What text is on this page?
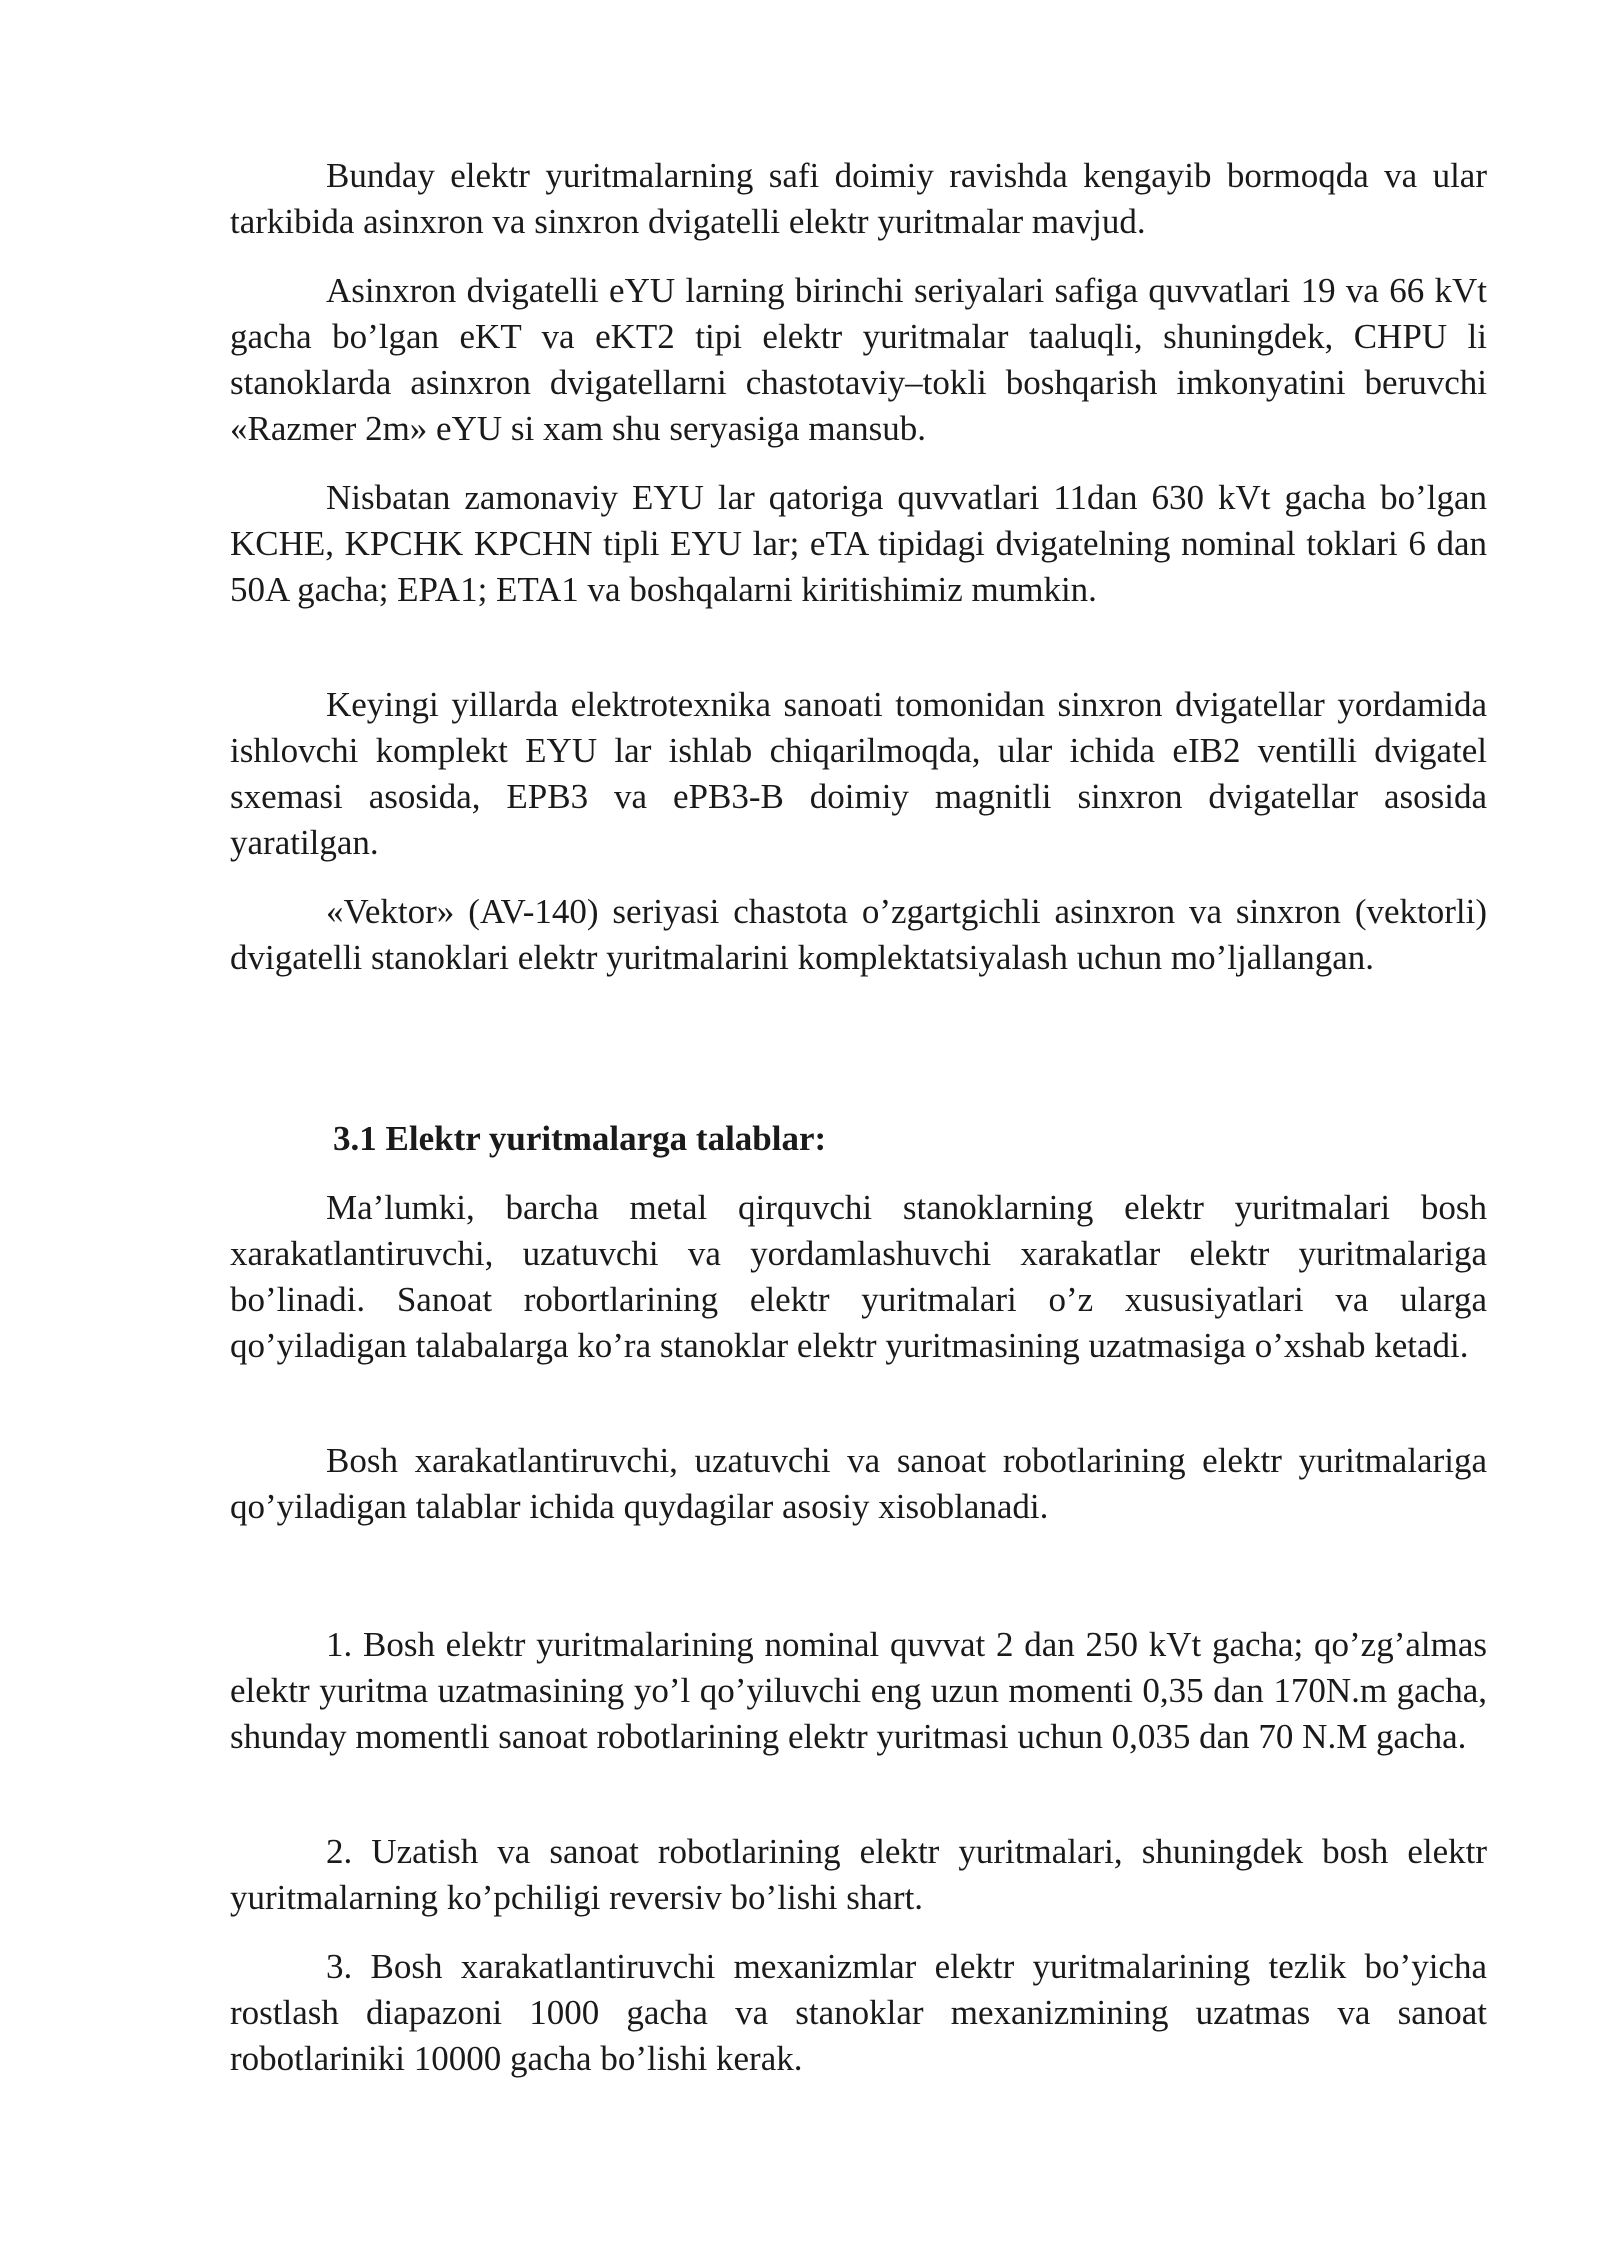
Bunday elektr yuritmalarning safi doimiy ravishda kengayib bormoqda va ular tarkibida asinxron va sinxron dvigatelli elektr yuritmalar mavjud.

Asinxron dvigatelli eYU larning birinchi seriyalari safiga quvvatlari 19 va 66 kVt gacha bo’lgan eKT va eKT2 tipi elektr yuritmalar taaluqli, shuningdek, CHPU li stanoklarda asinxron dvigatellarni chastotaviy–tokli boshqarish imkonyatini beruvchi «Razmer 2m» eYU si xam shu seryasiga mansub.

Nisbatan zamonaviy EYU lar qatoriga quvvatlari 11dan 630 kVt gacha bo’lgan KCHE, KPCHK KPCHN tipli EYU lar; eTA tipidagi dvigatelning nominal toklari 6 dan 50A gacha; EPA1; ETA1 va boshqalarni kiritishimiz mumkin.

Keyingi yillarda elektrotexnika sanoati tomonidan sinxron dvigatellar yordamida ishlovchi komplekt EYU lar ishlab chiqarilmoqda, ular ichida eIB2 ventilli dvigatel sxemasi asosida, EPB3 va ePB3-B doimiy magnitli sinxron dvigatellar asosida yaratilgan.

«Vektor» (AV-140) seriyasi chastota o’zgartgichli asinxron va sinxron (vektorli) dvigatelli stanoklari elektr yuritmalarini komplektatsiyalash uchun mo’ljallangan.

3.1 Elektr yuritmalarga talablar:

Ma’lumki, barcha metal qirquvchi stanoklarning elektr yuritmalari bosh xarakatlantiruvchi, uzatuvchi va yordamlashuvchi xarakatlar elektr yuritmalariga bo’linadi. Sanoat robortlarining elektr yuritmalari o’z xususiyatlari va ularga qo’yiladigan talabalarga ko’ra stanoklar elektr yuritmasining uzatmasiga o’xshab ketadi.

Bosh xarakatlantiruvchi, uzatuvchi va sanoat robotlarining elektr yuritmalariga qo’yiladigan talablar ichida quydagilar asosiy xisoblanadi.

1. Bosh elektr yuritmalarining nominal quvvat 2 dan 250 kVt gacha; qo’zg’almas elektr yuritma uzatmasining yo’l qo’yiluvchi eng uzun momenti 0,35 dan 170N.m gacha, shunday momentli sanoat robotlarining elektr yuritmasi uchun 0,035 dan 70 N.M gacha.

2. Uzatish va sanoat robotlarining elektr yuritmalari, shuningdek bosh elektr yuritmalarning ko’pchiligi reversiv bo’lishi shart.

3. Bosh xarakatlantiruvchi mexanizmlar elektr yuritmalarining tezlik bo’yicha rostlash diapazoni 1000 gacha va stanoklar mexanizmining uzatmas va sanoat robotlariniki 10000 gacha bo’lishi kerak.
